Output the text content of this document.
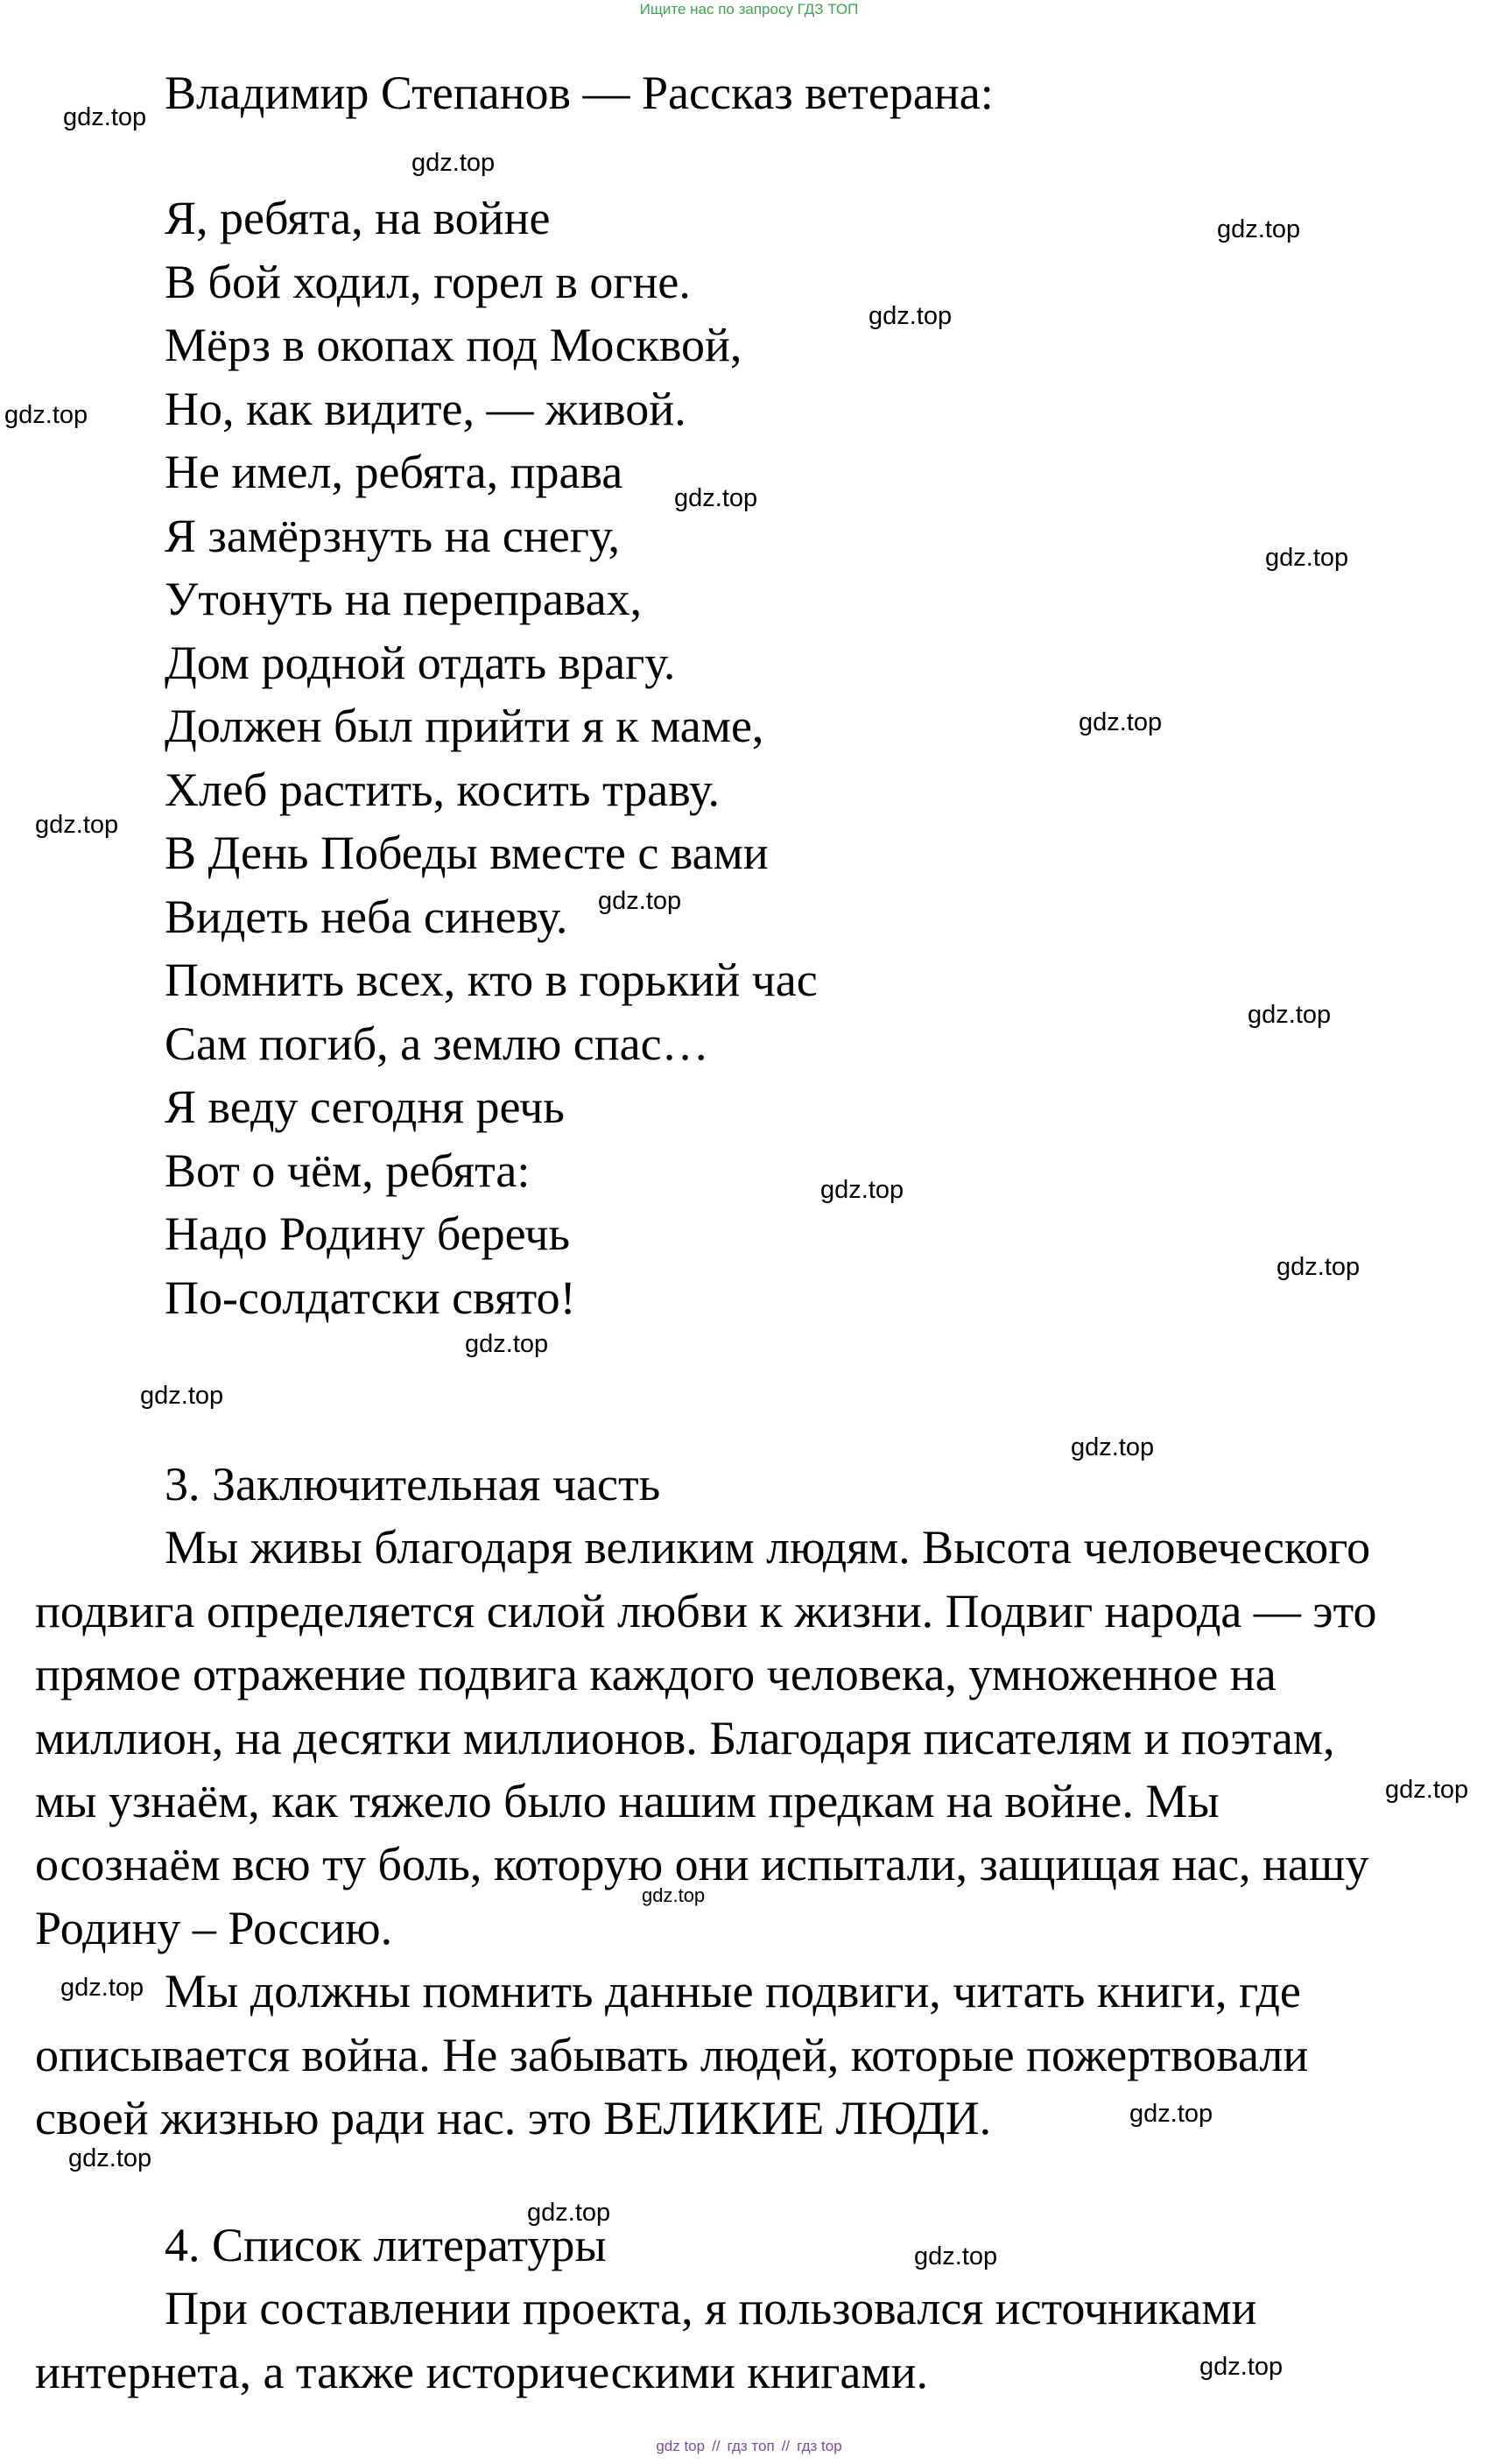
Ищите нас по запросу ГДЗ ТОП
Владимир Степанов — Рассказ ветерана:
Я, ребята, на войне
В бой ходил, горел в огне.
Мёрз в окопах под Москвой,
Но, как видите, — живой.
Не имел, ребята, права
Я замёрзнуть на снегу,
Утонуть на переправах,
Дом родной отдать врагу.
Должен был прийти я к маме,
Хлеб растить, косить траву.
В День Победы вместе с вами
Видеть неба синеву.
Помнить всех, кто в горький час
Сам погиб, а землю спас…
Я веду сегодня речь
Вот о чём, ребята:
Надо Родину беречь
По-солдатски свято!
3. Заключительная часть
Мы живы благодаря великим людям. Высота человеческого подвига определяется силой любви к жизни. Подвиг народа — это прямое отражение подвига каждого человека, умноженное на миллион, на десятки миллионов. Благодаря писателям и поэтам, мы узнаём, как тяжело было нашим предкам на войне. Мы осознаём всю ту боль, которую они испытали, защищая нас, нашу Родину – Россию.
Мы должны помнить данные подвиги, читать книги, где описывается война. Не забывать людей, которые пожертвовали своей жизнью ради нас. это ВЕЛИКИЕ ЛЮДИ.
4. Список литературы
При составлении проекта, я пользовался источниками интернета, а также историческими книгами.
gdz.top
gdz.top
gdz.top
gdz.top
gdz.top
gdz.top
gdz.top
gdz.top
gdz.top
gdz.top
gdz.top
gdz.top
gdz.top
gdz.top
gdz.top
gdz.top
gdz.top
gdz.top
gdz.top
gdz.top
gdz.top
gdz.top
gdz.top
gdz.top
gdz top // гдз топ // гдз top
